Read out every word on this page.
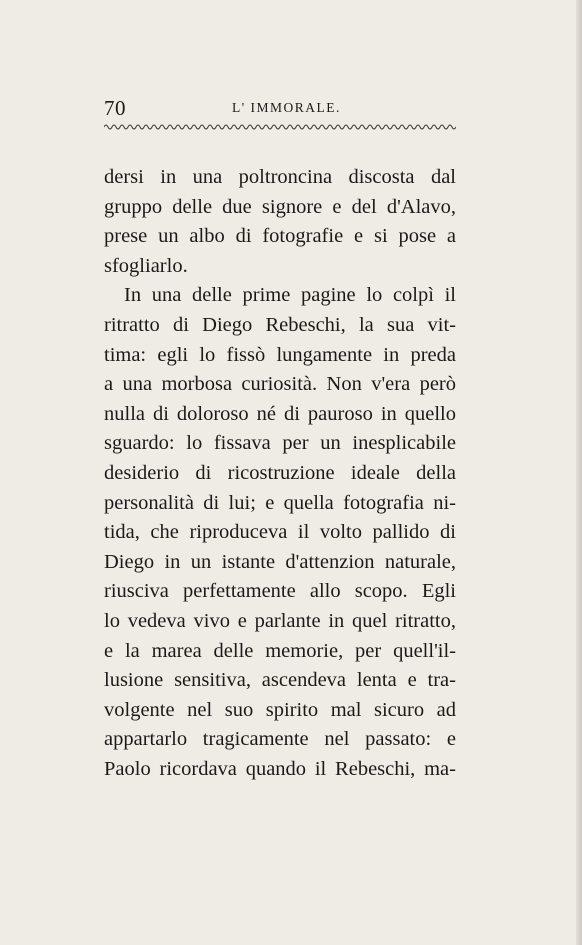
70	L' IMMORALE.
dersi in una poltroncina discosta dal
gruppo delle due signore e del d'Alavo,
prese un albo di fotografie e si pose a
sfogliarlo.
In una delle prime pagine lo colpì il
ritratto di Diego Rebeschi, la sua vit-
tima: egli lo fissò lungamente in preda
a una morbosa curiosità. Non v'era però
nulla di doloroso né di pauroso in quello
sguardo: lo fissava per un inesplicabile
desiderio di ricostruzione ideale della
personalità di lui; e quella fotografia ni-
tida, che riproduceva il volto pallido di
Diego in un istante d'attenzion naturale,
riusciva perfettamente allo scopo. Egli
lo vedeva vivo e parlante in quel ritratto,
e la marea delle memorie, per quell'il-
lusione sensitiva, ascendeva lenta e tra-
volgente nel suo spirito mal sicuro ad
appartarlo tragicamente nel passato: e
Paolo ricordava quando il Rebeschi, ma-
